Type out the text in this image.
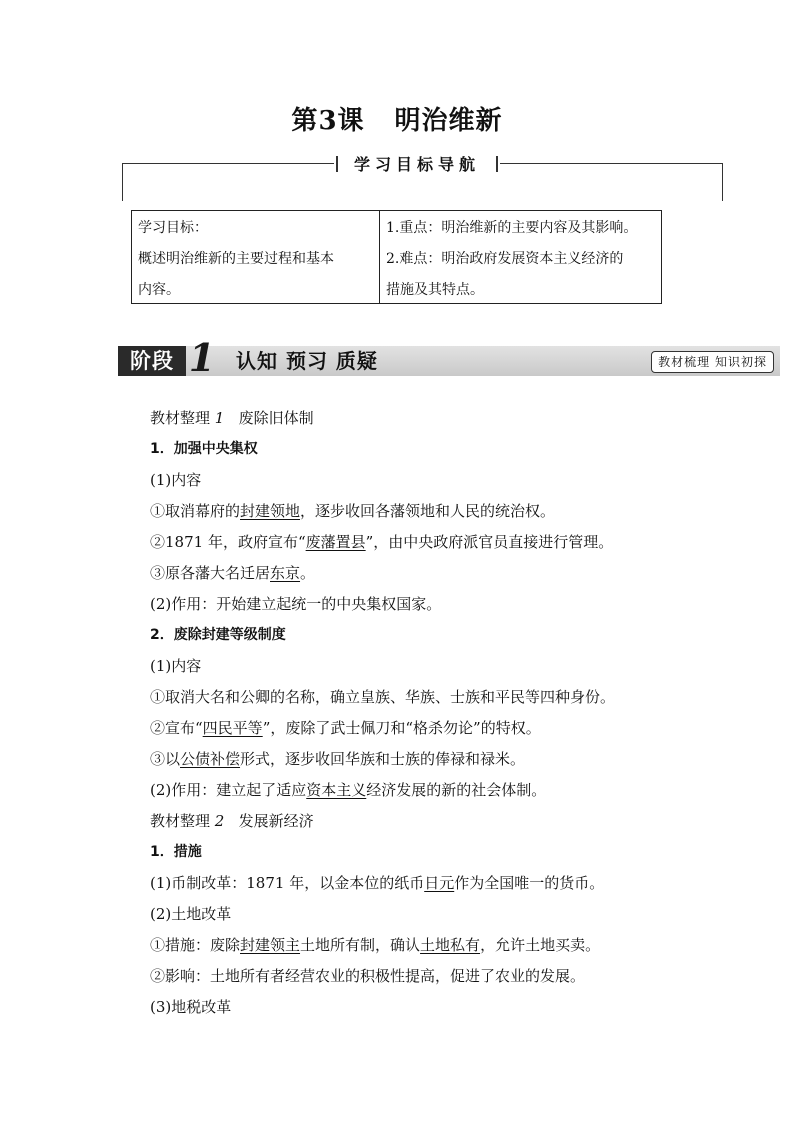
第3课 明治维新
学习目标导航
学习目标：
概述明治维新的主要过程和基本
内容。
1.重点：明治维新的主要内容及其影响。
2.难点：明治政府发展资本主义经济的
措施及其特点。
阶段 1 认知 预习 质疑	教材梳理 知识初探
教材整理 1 废除旧体制
1．加强中央集权
(1)内容
①取消幕府的封建领地，逐步收回各藩领地和人民的统治权。
②1871 年，政府宣布“废藩置县”，由中央政府派官员直接进行管理。
③原各藩大名迁居东京。
(2)作用：开始建立起统一的中央集权国家。
2．废除封建等级制度
(1)内容
①取消大名和公卿的名称，确立皇族、华族、士族和平民等四种身份。
②宣布“四民平等”，废除了武士佩刀和“格杀勿论”的特权。
③以公债补偿形式，逐步收回华族和士族的俸禄和禄米。
(2)作用：建立起了适应资本主义经济发展的新的社会体制。
教材整理 2 发展新经济
1．措施
(1)币制改革：1871 年，以金本位的纸币日元作为全国唯一的货币。
(2)土地改革
①措施：废除封建领主土地所有制，确认土地私有，允许土地买卖。
②影响：土地所有者经营农业的积极性提高，促进了农业的发展。
(3)地税改革
